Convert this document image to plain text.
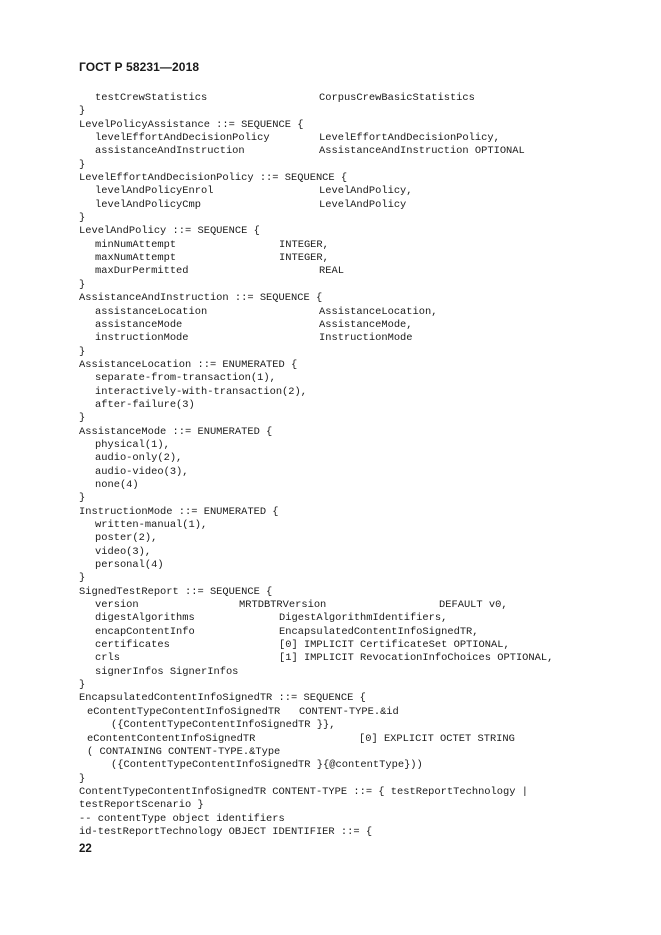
ГОСТ Р 58231—2018
testCrewStatistics	CorpusCrewBasicStatistics
}
LevelPolicyAssistance ::= SEQUENCE {
levelEffortAndDecisionPolicy	LevelEffortAndDecisionPolicy,
assistanceAndInstruction	AssistanceAndInstruction OPTIONAL
}
LevelEffortAndDecisionPolicy ::= SEQUENCE {
levelAndPolicyEnrol	LevelAndPolicy,
levelAndPolicyCmp	LevelAndPolicy
}
LevelAndPolicy ::= SEQUENCE {
minNumAttempt	INTEGER,
maxNumAttempt	INTEGER,
maxDurPermitted	REAL
}
AssistanceAndInstruction ::= SEQUENCE {
assistanceLocation	AssistanceLocation,
assistanceMode	AssistanceMode,
instructionMode	InstructionMode
}
AssistanceLocation ::= ENUMERATED {
separate-from-transaction(1),
interactively-with-transaction(2),
after-failure(3)
}
AssistanceMode ::= ENUMERATED {
physical(1),
audio-only(2),
audio-video(3),
none(4)
}
InstructionMode ::= ENUMERATED {
written-manual(1),
poster(2),
video(3),
personal(4)
}
SignedTestReport ::= SEQUENCE {
version	MRTDBTRVersion	DEFAULT v0,
digestAlgorithms	DigestAlgorithmIdentifiers,
encapContentInfo	EncapsulatedContentInfoSignedTR,
certificates	[0] IMPLICIT CertificateSet OPTIONAL,
crls	[1] IMPLICIT RevocationInfoChoices OPTIONAL,
signerInfos SignerInfos
}
EncapsulatedContentInfoSignedTR ::= SEQUENCE {
eContentTypeContentInfoSignedTR   CONTENT-TYPE.&id
({ContentTypeContentInfoSignedTR }},
eContentContentInfoSignedTR	[0] EXPLICIT OCTET STRING
( CONTAINING CONTENT-TYPE.&Type
({ContentTypeContentInfoSignedTR }{@contentType}))
}
ContentTypeContentInfoSignedTR CONTENT-TYPE ::= { testReportTechnology |
testReportScenario }
-- contentType object identifiers
id-testReportTechnology OBJECT IDENTIFIER ::= {
22
